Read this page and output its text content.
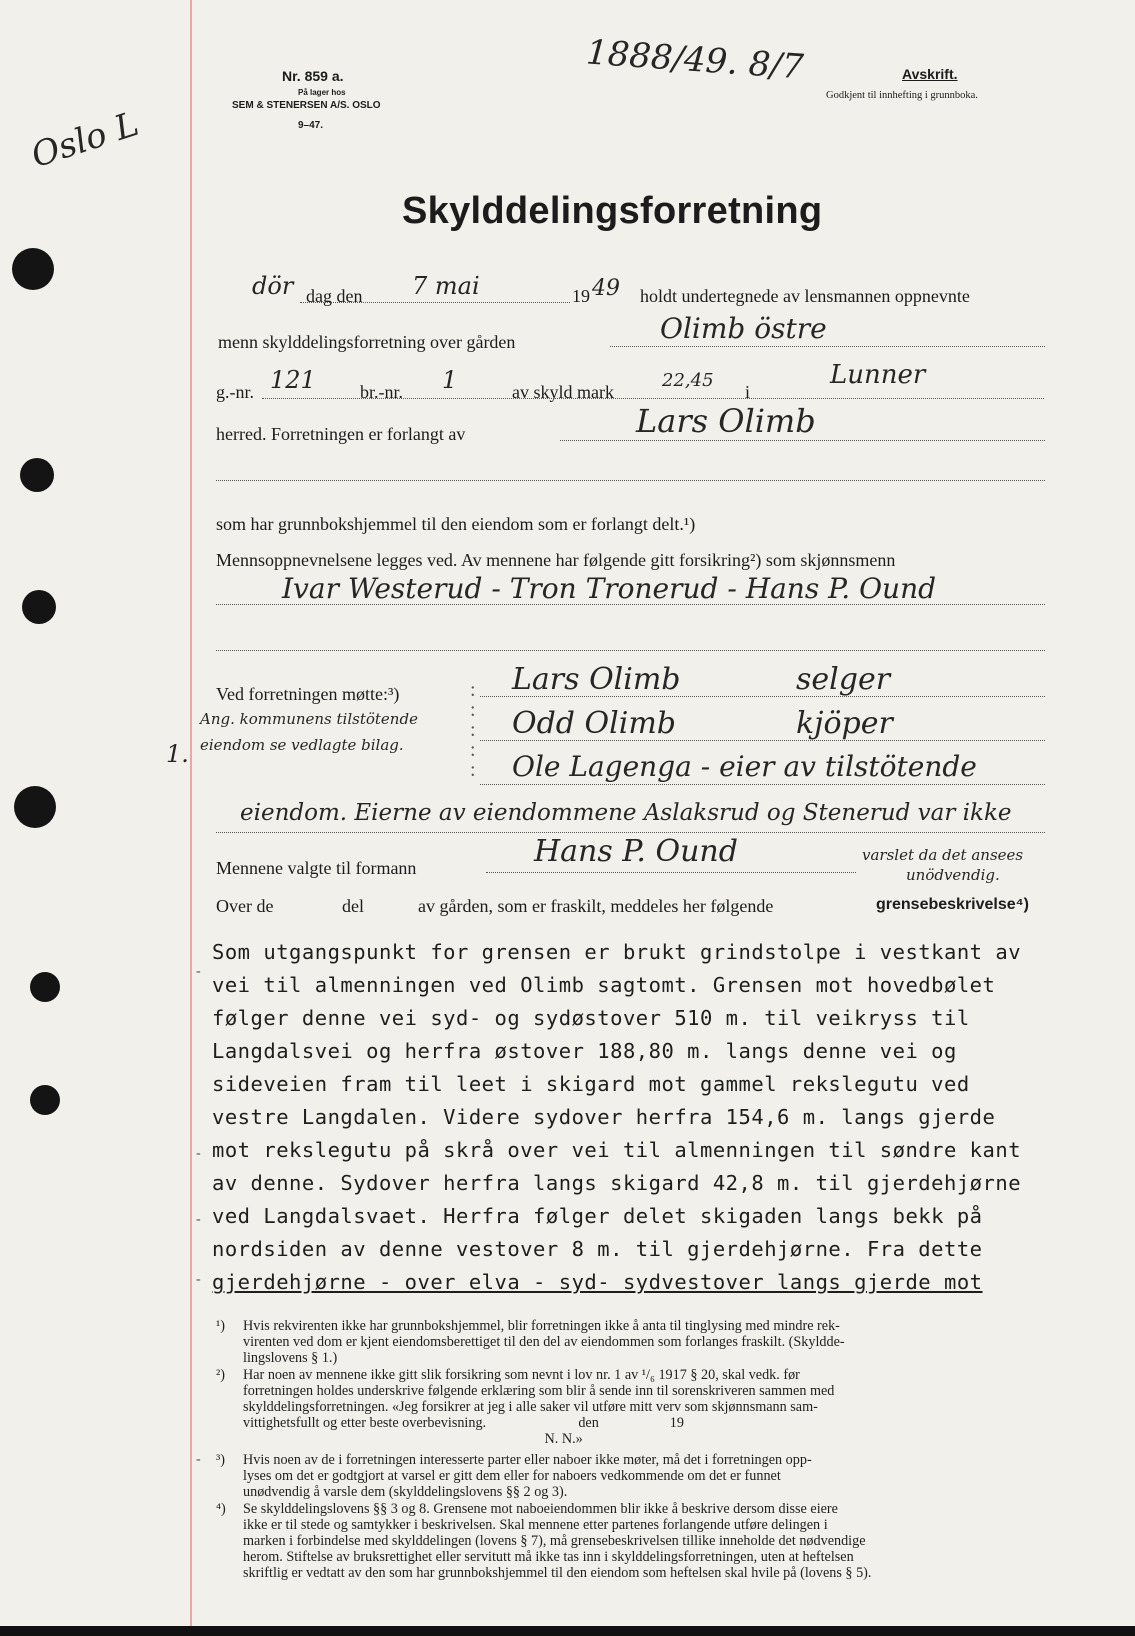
Oslo L
Nr. 859 a.
På lager hos
SEM & STENERSEN A/S. OSLO
9–47.
1888/49. 8/7	Avskrift.
Godkjent til innhefting i grunnboka.
Skylddelingsforretning
dör dag den 7 mai	19 49 holdt undertegnede av lensmannen oppnevnte
menn skylddelingsforretning over gården	Olimb östre
g.-nr. 121 br.-nr. 1	av skyld mark
22,45
i
Lunner
herred. Forretningen er forlangt av	Lars Olimb
som har grunnbokshjemmel til den eiendom som er forlangt delt.¹)
Mennsoppnevnelsene legges ved. Av mennene har følgende gitt forsikring²) som skjønnsmenn
Ivar Westerud - Tron Tronerud - Hans P. Ound
Ved forretningen møtte:³)
1.
Ang. kommunens tilstötende eiendom se vedlagte bilag.
:
:
:
:
:
Lars Olimb	selger
Odd Olimb	kjöper
Ole Lagenga - eier av tilstötende
eiendom. Eierne av eiendommene Aslaksrud og Stenerud var ikke
Mennene valgte til formann	Hans P. Ound	varslet da det ansees
unödvendig.
Over de	del	av gården, som er fraskilt, meddeles her følgende	grensebeskrivelse⁴)
Som utgangspunkt for grensen er brukt grindstolpe i vestkant av
vei til almenningen ved Olimb sagtomt. Grensen mot hovedbølet
følger denne vei syd- og sydøstover 510 m. til veikryss til
Langdalsvei og herfra østover 188,80 m. langs denne vei og
sideveien fram til leet i skigard mot gammel rekslegutu ved
vestre Langdalen. Videre sydover herfra 154,6 m. langs gjerde
mot rekslegutu på skrå over vei til almenningen til søndre kant
av denne. Sydover herfra langs skigard 42,8 m. til gjerdehjørne
ved Langdalsvaet. Herfra følger delet skigaden langs bekk på
nordsiden av denne vestover 8 m. til gjerdehjørne. Fra dette
gjerdehjørne - over elva - syd- sydvestover langs gjerde mot
-
-
-
-
-
¹) Hvis rekvirenten ikke har grunnbokshjemmel, blir forretningen ikke å anta til tinglysing med mindre rek-
virenten ved dom er kjent eiendomsberettiget til den del av eiendommen som forlanges fraskilt. (Skyldde-
lingslovens § 1.)
²) Har noen av mennene ikke gitt slik forsikring som nevnt i lov nr. 1 av ¹/₆ 1917 § 20, skal vedk. før
forretningen holdes underskrive følgende erklæring som blir å sende inn til sorenskriveren sammen med
skylddelingsforretningen. «Jeg forsikrer at jeg i alle saker vil utføre mitt verv som skjønnsmann sam-
vittighetsfullt og etter beste overbevisning.                          den                    19
N. N.»
³) Hvis noen av de i forretningen interesserte parter eller naboer ikke møter, må det i forretningen opp-
lyses om det er godtgjort at varsel er gitt dem eller for naboers vedkommende om det er funnet
unødvendig å varsle dem (skylddelingslovens §§ 2 og 3).
⁴) Se skylddelingslovens §§ 3 og 8. Grensene mot naboeiendommen blir ikke å beskrive dersom disse eiere
ikke er til stede og samtykker i beskrivelsen. Skal mennene etter partenes forlangende utføre delingen i
marken i forbindelse med skylddelingen (lovens § 7), må grensebeskrivelsen tillike inneholde det nødvendige
herom. Stiftelse av bruksrettighet eller servitutt må ikke tas inn i skylddelingsforretningen, uten at heftelsen
skriftlig er vedtatt av den som har grunnbokshjemmel til den eiendom som heftelsen skal hvile på (lovens § 5).
